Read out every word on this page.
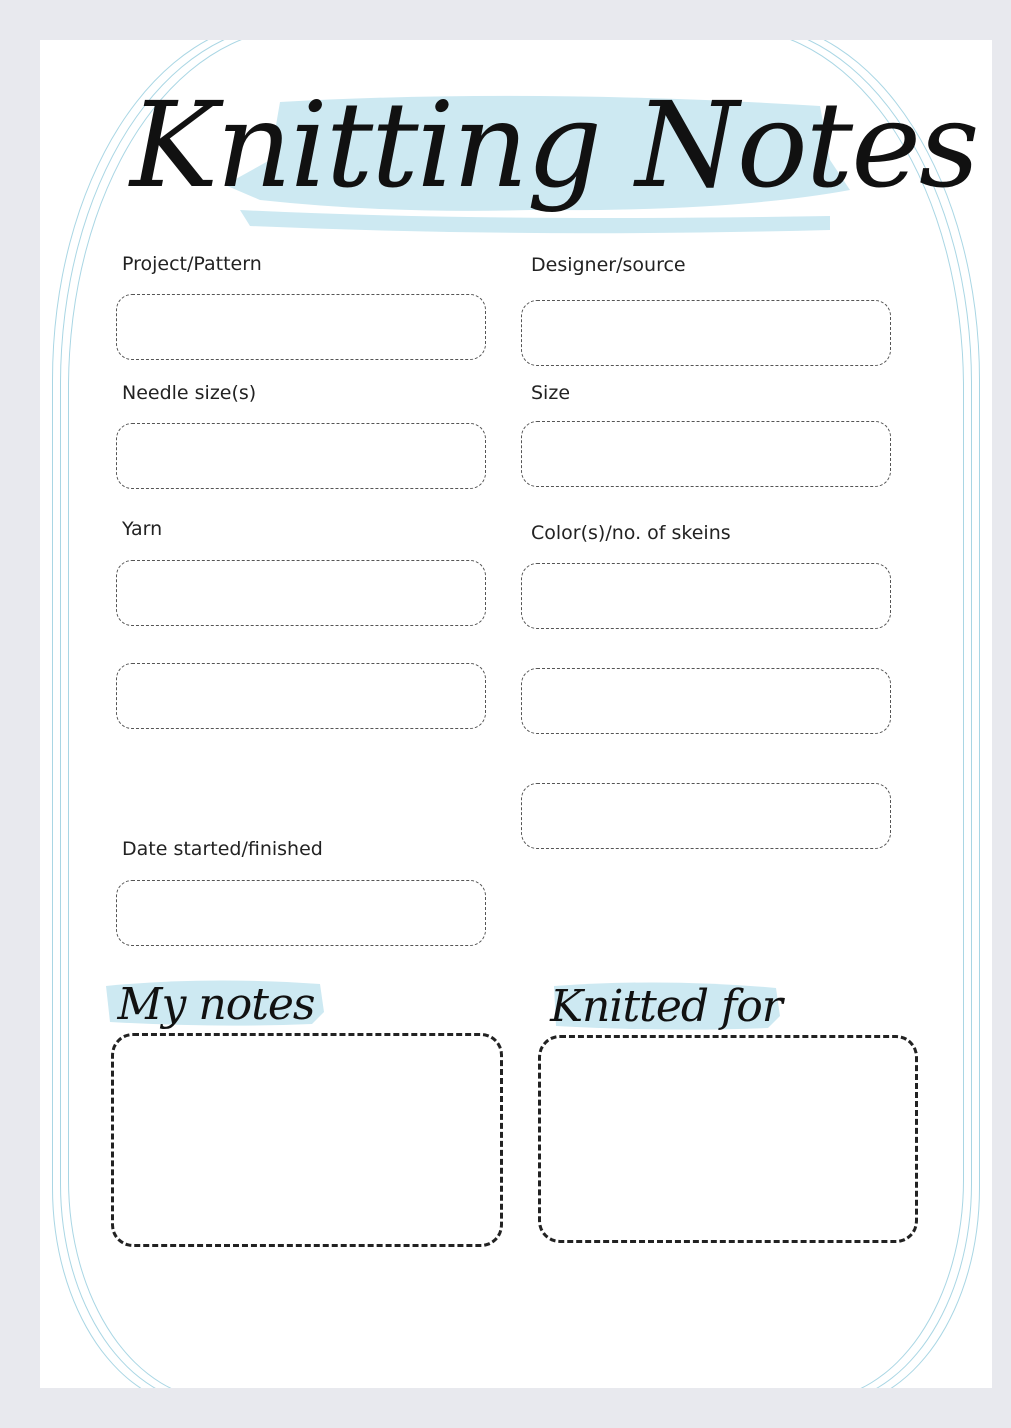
Knitting Notes
Project/Pattern	Designer/source
Needle size(s)	Size
Yarn	Color(s)/no. of skeins
Date started/finished
My notes	Knitted for
